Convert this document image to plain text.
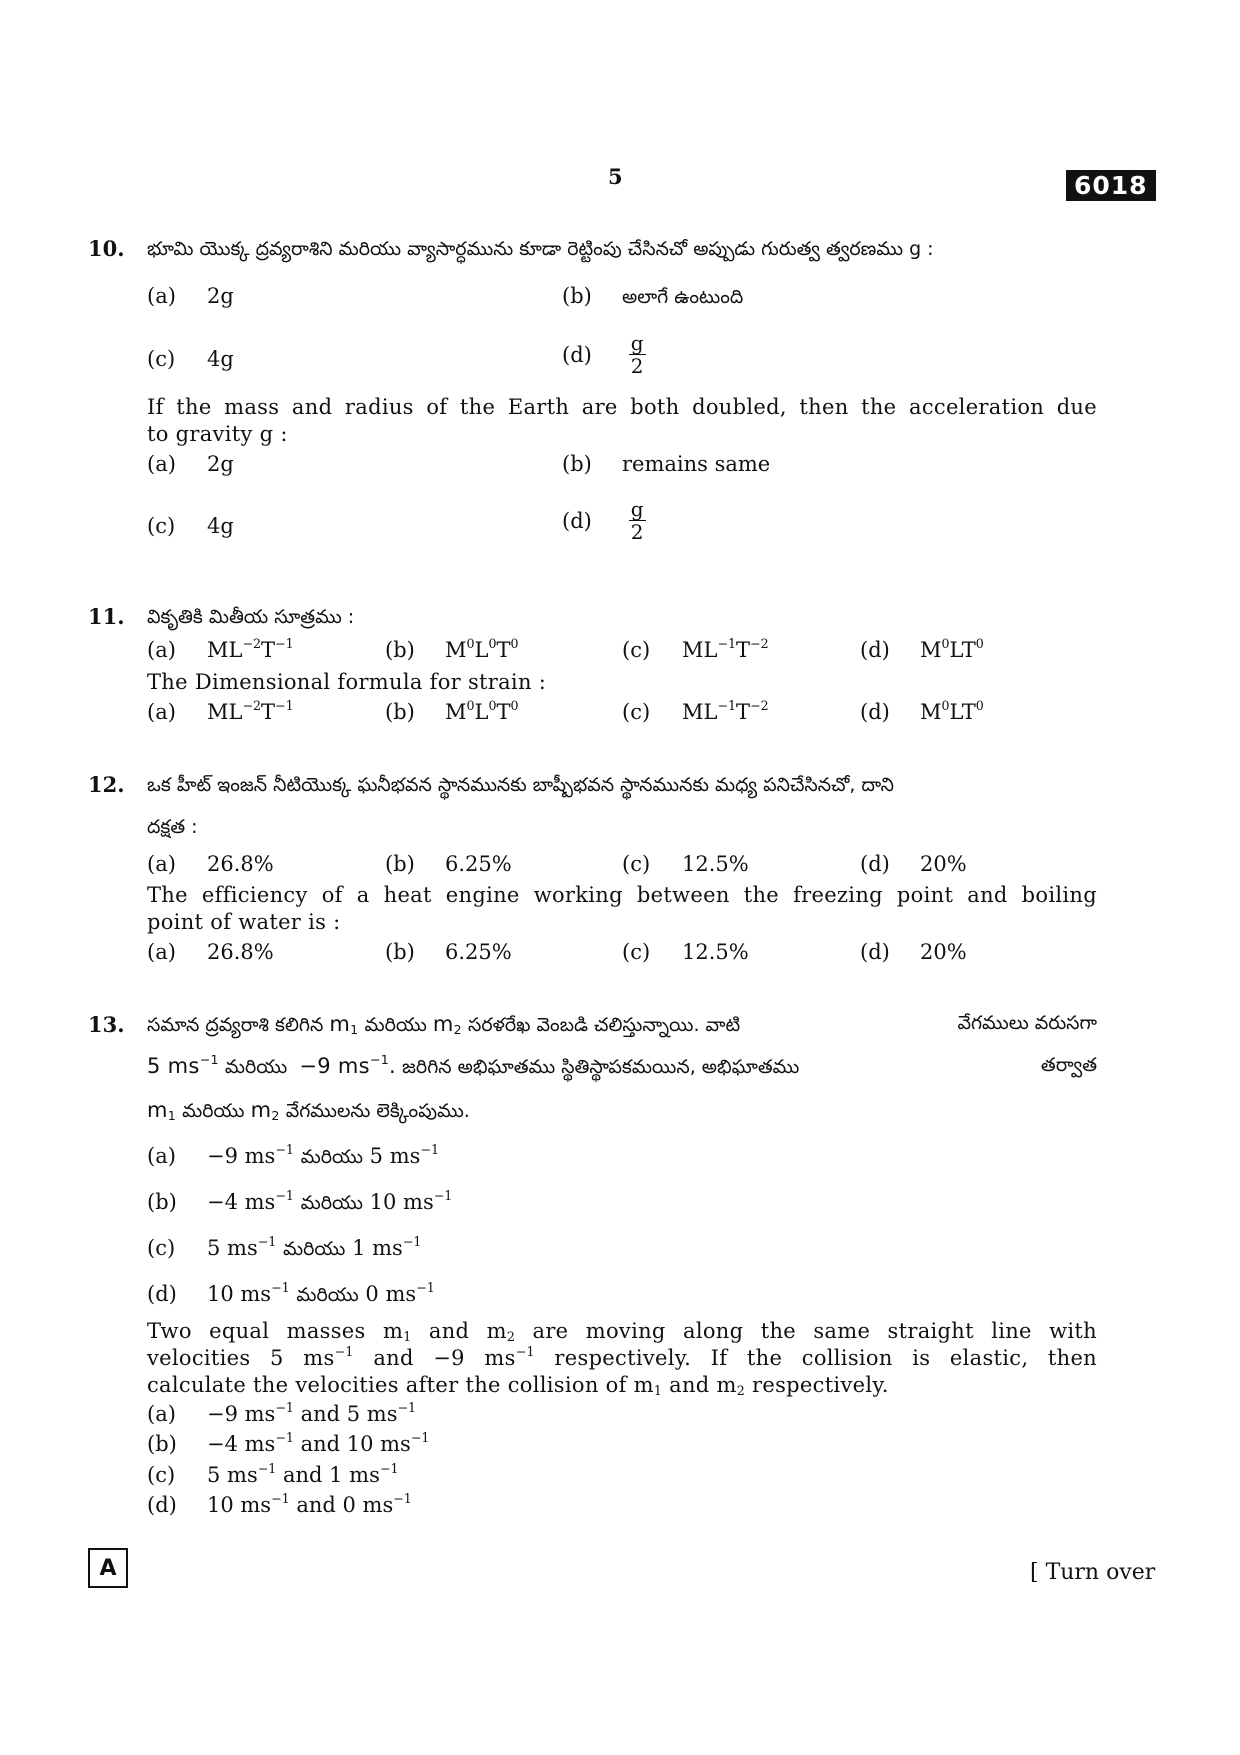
5	6018
10. భూమి యొక్క ద్రవ్యరాశిని మరియు వ్యాసార్ధమును కూడా రెట్టింపు చేసినచో అప్పుడు గురుత్వ త్వరణము g :
(a) 2g	(b) అలాగే ఉంటుంది
(c) 4g	$(d) \frac{g}{2}$
If the mass and radius of the Earth are both doubled, then the acceleration due
to gravity g :
(a) 2g	(b) remains same
(c) 4g	$(d) \frac{g}{2}$
11. వికృతికి మితీయ సూత్రము :
(a) $ML^{-2}T^{-1}$	(b) $M^0L^0T^0$	(c) $ML^{-1}T^{-2}$	(d) $M^0LT^0$
The Dimensional formula for strain :
(a) $ML^{-2}T^{-1}$	(b) $M^0L^0T^0$	(c) $ML^{-1}T^{-2}$	(d) $M^0LT^0$
12. ఒక హీట్ ఇంజన్ నీటియొక్క ఘనీభవన స్థానమునకు బాష్పీభవన స్థానమునకు మధ్య పనిచేసినచో, దాని
దక్షత :
(a) 26.8%	(b) 6.25%	(c) 12.5%	(d) 20%
The efficiency of a heat engine working between the freezing point and boiling
point of water is :
(a) 26.8%	(b) 6.25%	(c) 12.5%	(d) 20%
13. సమాన ద్రవ్యరాశి కలిగిన $m_1$ మరియు $m_2$ సరళరేఖ వెంబడి చలిస్తున్నాయి. వాటి	వేగములు వరుసగా
5 $ms^{-1}$ మరియు  −9 $ms^{-1}$. జరిగిన అభిఘాతము స్థితిస్థాపకమయిన, అభిఘాతము	తర్వాత
$m_1$ మరియు $m_2$ వేగములను లెక్కింపుము.
(a) −9 $ms^{-1}$ మరియు 5 $ms^{-1}$
(b) −4 $ms^{-1}$ మరియు 10 $ms^{-1}$
(c) 5 $ms^{-1}$ మరియు 1 $ms^{-1}$
(d) 10 $ms^{-1}$ మరియు 0 $ms^{-1}$
Two equal masses $m_1$ and $m_2$ are moving along the same straight line with
velocities 5 $ms^{-1}$ and −9 $ms^{-1}$ respectively. If the collision is elastic, then
calculate the velocities after the collision of $m_1$ and $m_2$ respectively.
(a) −9 $ms^{-1}$ and 5 $ms^{-1}$
(b) −4 $ms^{-1}$ and 10 $ms^{-1}$
(c) 5 $ms^{-1}$ and 1 $ms^{-1}$
(d) 10 $ms^{-1}$ and 0 $ms^{-1}$
A	[ Turn over
